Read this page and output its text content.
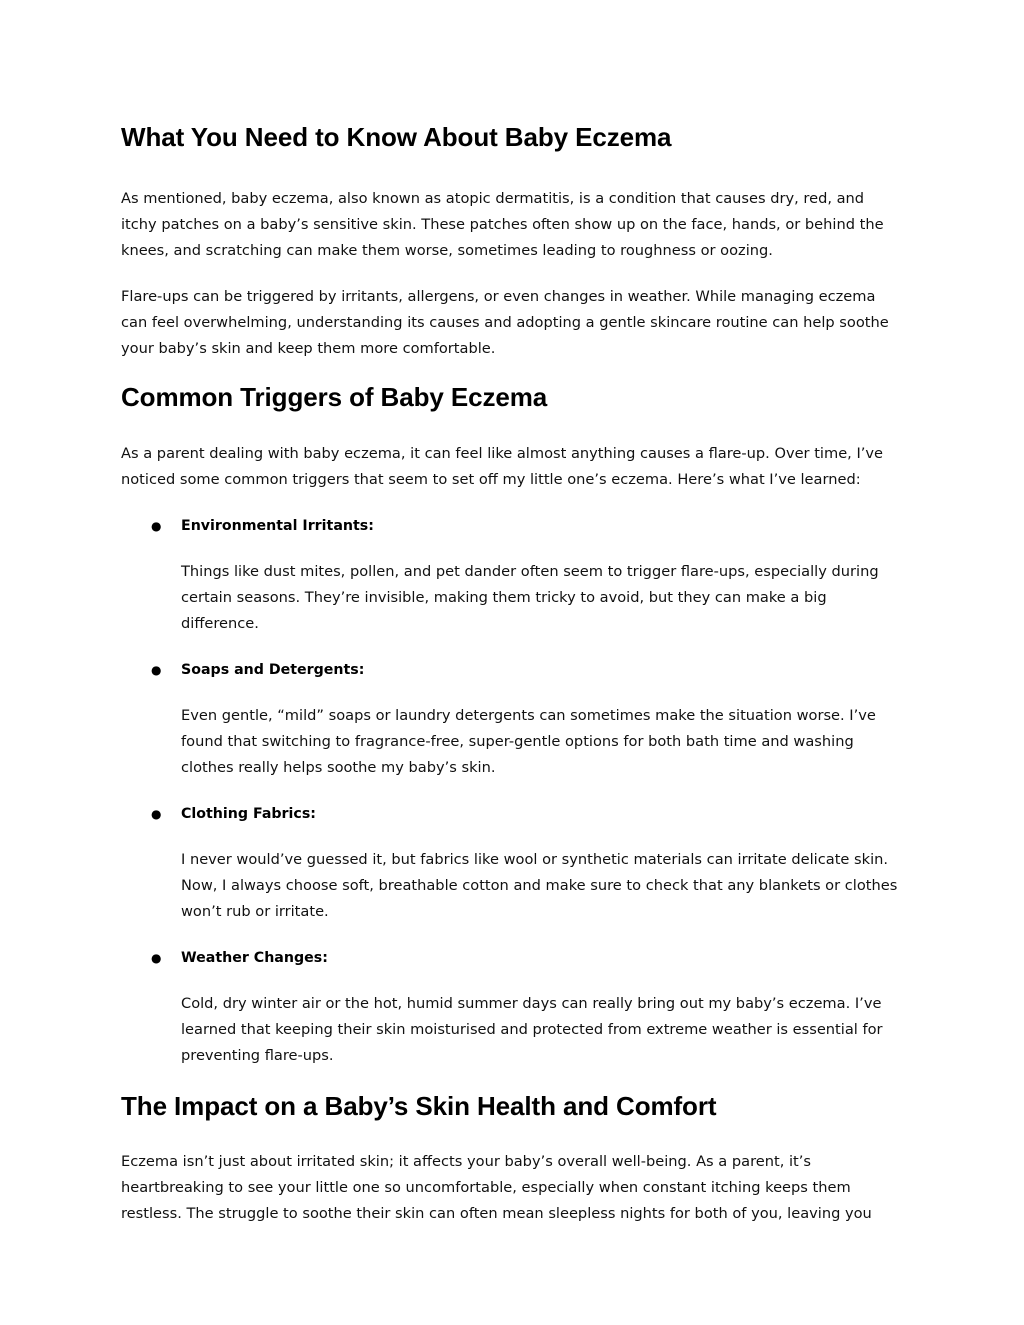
What You Need to Know About Baby Eczema

As mentioned, baby eczema, also known as atopic dermatitis, is a condition that causes dry, red, and itchy patches on a baby’s sensitive skin. These patches often show up on the face, hands, or behind the knees, and scratching can make them worse, sometimes leading to roughness or oozing.

Flare-ups can be triggered by irritants, allergens, or even changes in weather. While managing eczema can feel overwhelming, understanding its causes and adopting a gentle skincare routine can help soothe your baby’s skin and keep them more comfortable.

Common Triggers of Baby Eczema

As a parent dealing with baby eczema, it can feel like almost anything causes a flare-up. Over time, I’ve noticed some common triggers that seem to set off my little one’s eczema. Here’s what I’ve learned:

● Environmental Irritants:

Things like dust mites, pollen, and pet dander often seem to trigger flare-ups, especially during certain seasons. They’re invisible, making them tricky to avoid, but they can make a big difference.

● Soaps and Detergents:

Even gentle, “mild” soaps or laundry detergents can sometimes make the situation worse. I’ve found that switching to fragrance-free, super-gentle options for both bath time and washing clothes really helps soothe my baby’s skin.

● Clothing Fabrics:

I never would’ve guessed it, but fabrics like wool or synthetic materials can irritate delicate skin. Now, I always choose soft, breathable cotton and make sure to check that any blankets or clothes won’t rub or irritate.

● Weather Changes:

Cold, dry winter air or the hot, humid summer days can really bring out my baby’s eczema. I’ve learned that keeping their skin moisturised and protected from extreme weather is essential for preventing flare-ups.

The Impact on a Baby’s Skin Health and Comfort

Eczema isn’t just about irritated skin; it affects your baby’s overall well-being. As a parent, it’s heartbreaking to see your little one so uncomfortable, especially when constant itching keeps them restless. The struggle to soothe their skin can often mean sleepless nights for both of you, leaving you
